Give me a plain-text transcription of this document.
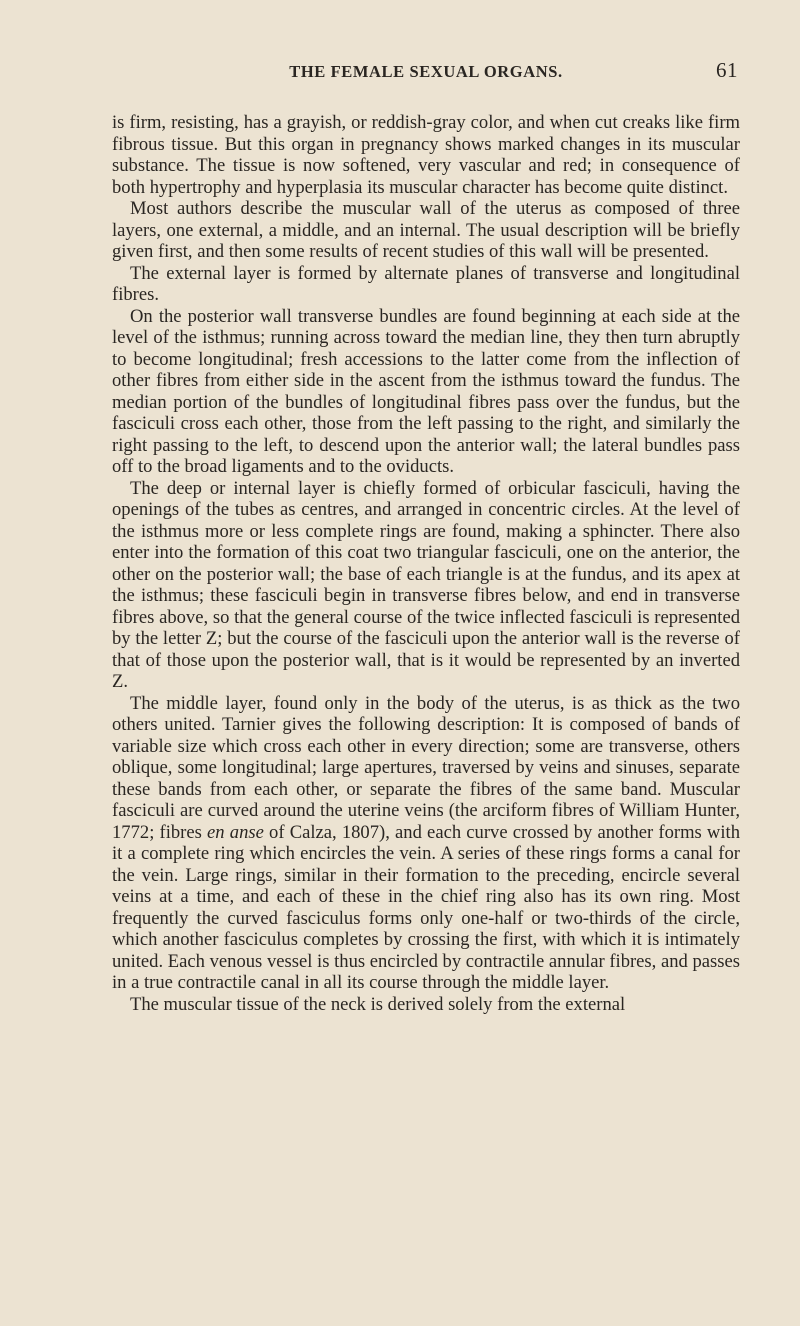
THE FEMALE SEXUAL ORGANS.	61

is firm, resisting, has a grayish, or reddish-gray color, and when cut creaks like firm fibrous tissue. But this organ in pregnancy shows marked changes in its muscular substance. The tissue is now softened, very vascular and red; in consequence of both hypertrophy and hyperplasia its muscular character has become quite distinct.

Most authors describe the muscular wall of the uterus as composed of three layers, one external, a middle, and an internal. The usual description will be briefly given first, and then some results of recent studies of this wall will be presented.

The external layer is formed by alternate planes of transverse and longitudinal fibres.

On the posterior wall transverse bundles are found beginning at each side at the level of the isthmus; running across toward the median line, they then turn abruptly to become longitudinal; fresh accessions to the latter come from the inflection of other fibres from either side in the ascent from the isthmus toward the fundus. The median portion of the bundles of longitudinal fibres pass over the fundus, but the fasciculi cross each other, those from the left passing to the right, and similarly the right passing to the left, to descend upon the anterior wall; the lateral bundles pass off to the broad ligaments and to the oviducts.

The deep or internal layer is chiefly formed of orbicular fasciculi, having the openings of the tubes as centres, and arranged in concentric circles. At the level of the isthmus more or less complete rings are found, making a sphincter. There also enter into the formation of this coat two triangular fasciculi, one on the anterior, the other on the posterior wall; the base of each triangle is at the fundus, and its apex at the isthmus; these fasciculi begin in transverse fibres below, and end in transverse fibres above, so that the general course of the twice inflected fasciculi is represented by the letter Z; but the course of the fasciculi upon the anterior wall is the reverse of that of those upon the posterior wall, that is it would be represented by an inverted Z.

The middle layer, found only in the body of the uterus, is as thick as the two others united. Tarnier gives the following description: It is composed of bands of variable size which cross each other in every direction; some are transverse, others oblique, some longitudinal; large apertures, traversed by veins and sinuses, separate these bands from each other, or separate the fibres of the same band. Muscular fasciculi are curved around the uterine veins (the arciform fibres of William Hunter, 1772; fibres en anse of Calza, 1807), and each curve crossed by another forms with it a complete ring which encircles the vein. A series of these rings forms a canal for the vein. Large rings, similar in their formation to the preceding, encircle several veins at a time, and each of these in the chief ring also has its own ring. Most frequently the curved fasciculus forms only one-half or two-thirds of the circle, which another fasciculus completes by crossing the first, with which it is intimately united. Each venous vessel is thus encircled by contractile annular fibres, and passes in a true contractile canal in all its course through the middle layer.

The muscular tissue of the neck is derived solely from the external
